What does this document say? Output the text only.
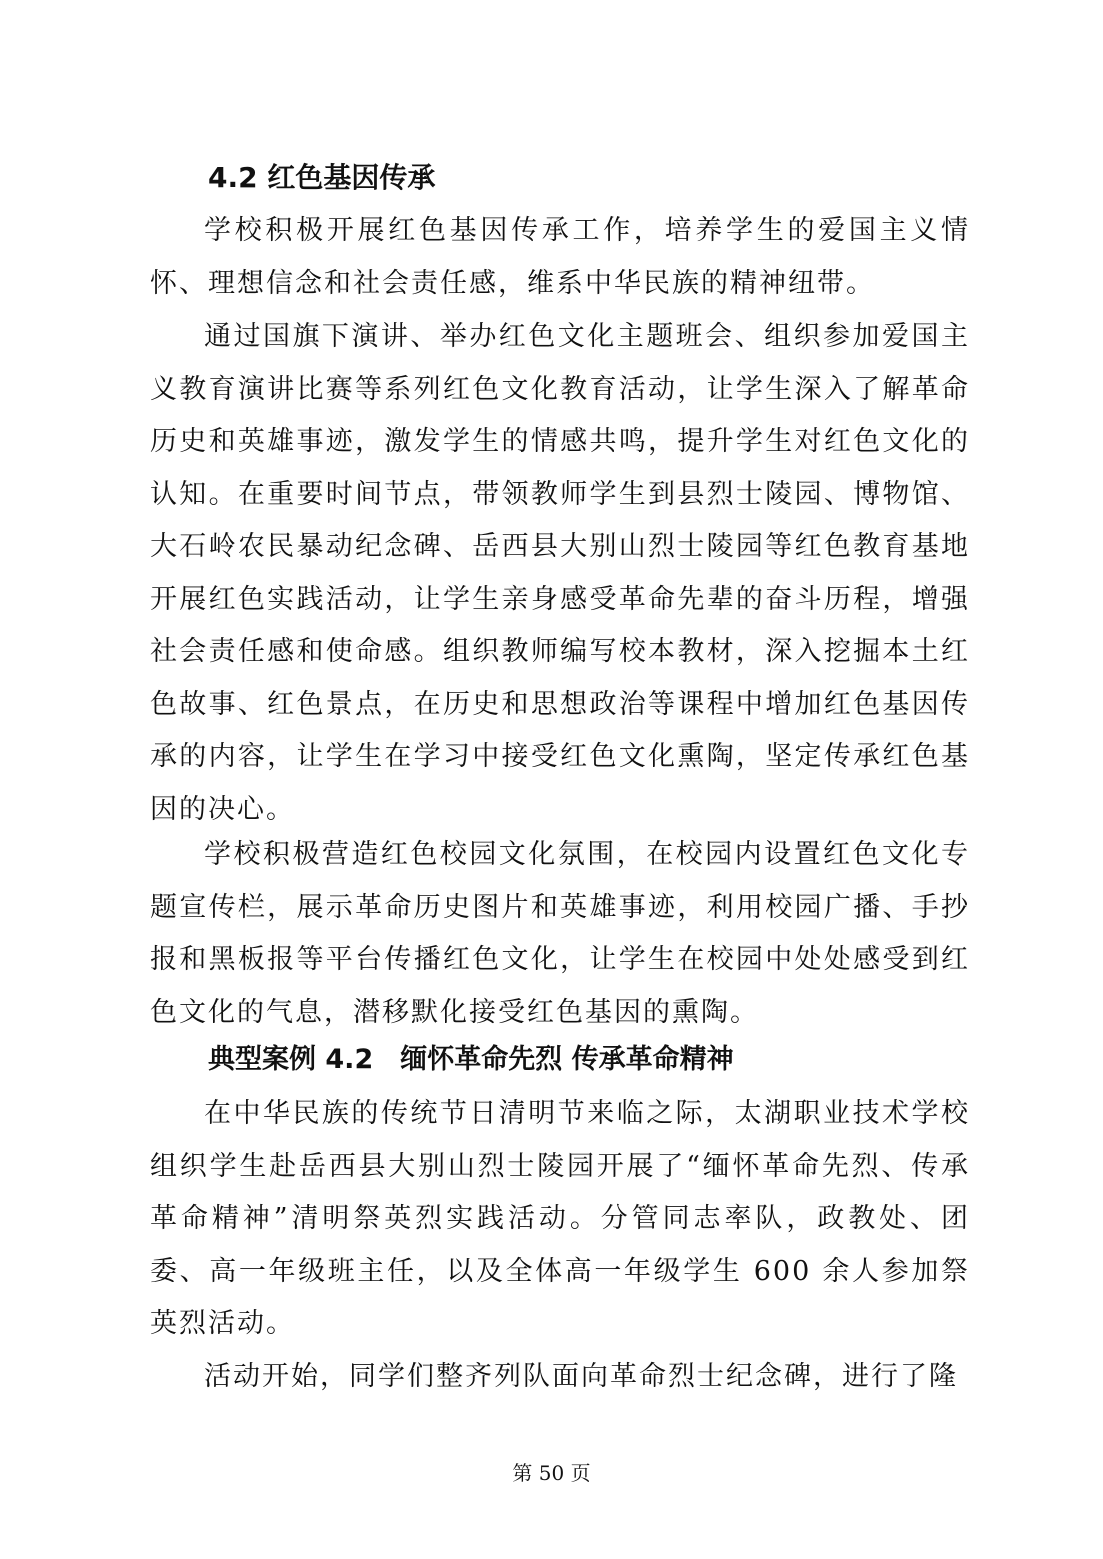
4.2 红色基因传承

学校积极开展红色基因传承工作，培养学生的爱国主义情怀、理想信念和社会责任感，维系中华民族的精神纽带。

通过国旗下演讲、举办红色文化主题班会、组织参加爱国主义教育演讲比赛等系列红色文化教育活动，让学生深入了解革命历史和英雄事迹，激发学生的情感共鸣，提升学生对红色文化的认知。在重要时间节点，带领教师学生到县烈士陵园、博物馆、大石岭农民暴动纪念碑、岳西县大别山烈士陵园等红色教育基地开展红色实践活动，让学生亲身感受革命先辈的奋斗历程，增强社会责任感和使命感。组织教师编写校本教材，深入挖掘本土红色故事、红色景点，在历史和思想政治等课程中增加红色基因传承的内容，让学生在学习中接受红色文化熏陶，坚定传承红色基因的决心。

学校积极营造红色校园文化氛围，在校园内设置红色文化专题宣传栏，展示革命历史图片和英雄事迹，利用校园广播、手抄报和黑板报等平台传播红色文化，让学生在校园中处处感受到红色文化的气息，潜移默化接受红色基因的熏陶。

典型案例 4.2　缅怀革命先烈 传承革命精神

在中华民族的传统节日清明节来临之际，太湖职业技术学校组织学生赴岳西县大别山烈士陵园开展了“缅怀革命先烈、传承革命精神”清明祭英烈实践活动。分管同志率队，政教处、团委、高一年级班主任，以及全体高一年级学生 600 余人参加祭英烈活动。

活动开始，同学们整齐列队面向革命烈士纪念碑，进行了隆

第 50 页
